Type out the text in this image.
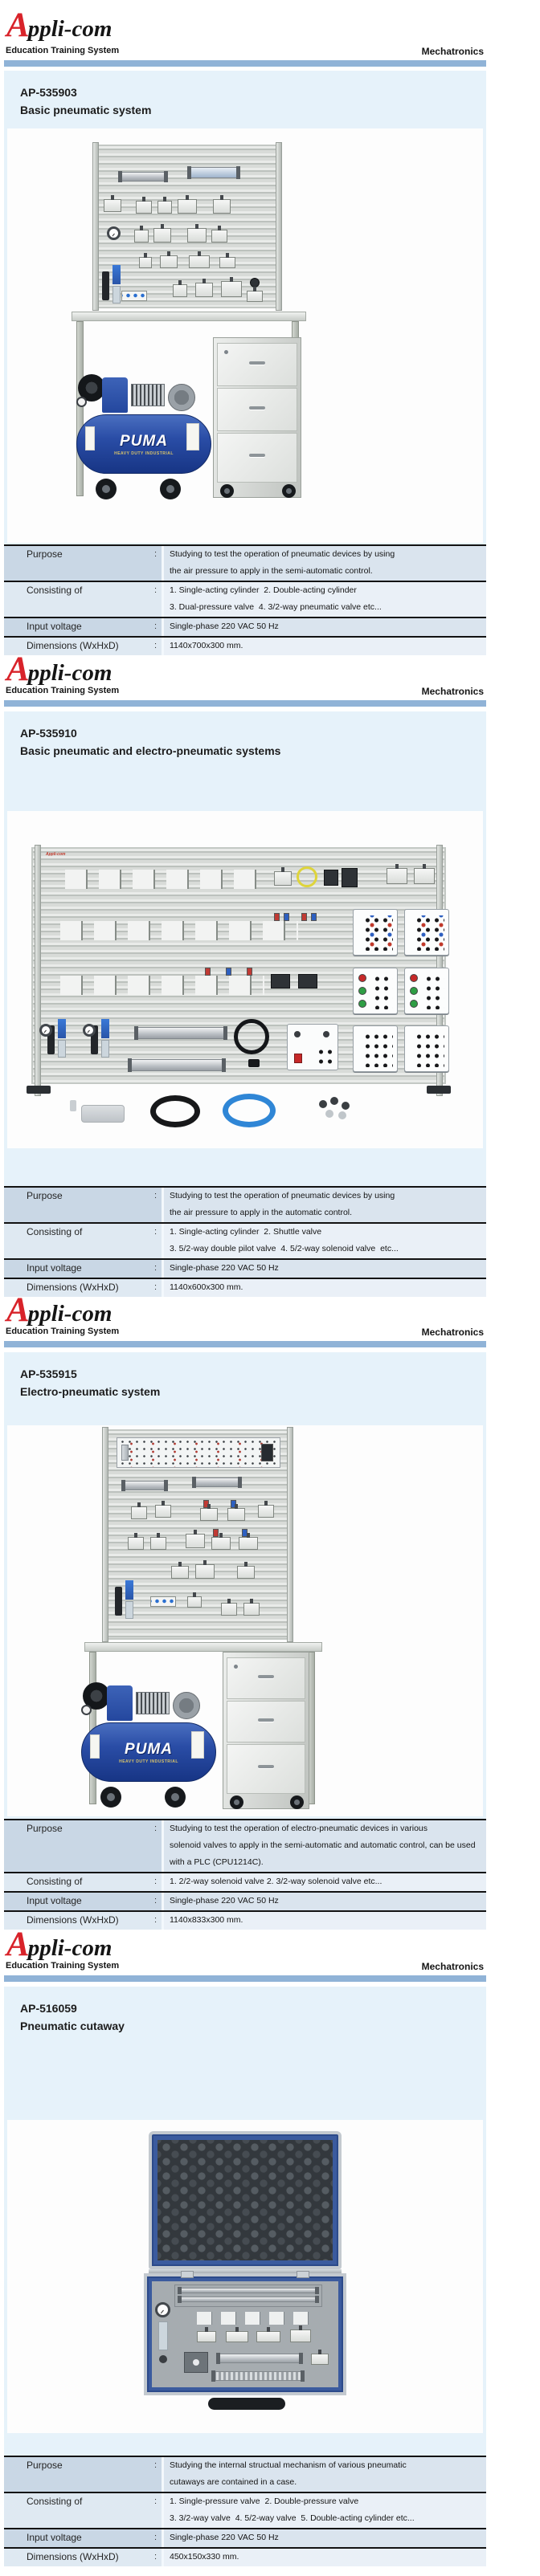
Appli-com
Education Training System	Mechatronics
AP-535903
Basic pneumatic system
PUMA
HEAVY DUTY INDUSTRIAL
Purpose	:	Studying to test the operation of pneumatic devices by using
the air pressure to apply in the semi-automatic control.
Consisting of	:	1. Single-acting cylinder  2. Double-acting cylinder
3. Dual-pressure valve  4. 3/2-way pneumatic valve etc...
Input voltage	:	Single-phase 220 VAC 50 Hz
Dimensions (WxHxD)	:	1140x700x300 mm.
Appli-com
Education Training System	Mechatronics
AP-535910
Basic pneumatic and electro-pneumatic systems
Appli-com
Purpose	:	Studying to test the operation of pneumatic devices by using
the air pressure to apply in the automatic control.
Consisting of	:	1. Single-acting cylinder  2. Shuttle valve
3. 5/2-way double pilot valve  4. 5/2-way solenoid valve  etc...
Input voltage	:	Single-phase 220 VAC 50 Hz
Dimensions (WxHxD)	:	1140x600x300 mm.
Appli-com
Education Training System	Mechatronics
AP-535915
Electro-pneumatic system
PUMA
HEAVY DUTY INDUSTRIAL
Purpose	:	Studying to test the operation of electro-pneumatic devices in various
solenoid valves to apply in the semi-automatic and automatic control, can be used
with a PLC (CPU1214C).
Consisting of	:	1. 2/2-way solenoid valve 2. 3/2-way solenoid valve etc...
Input voltage	:	Single-phase 220 VAC 50 Hz
Dimensions (WxHxD)	:	1140x833x300 mm.
Appli-com
Education Training System	Mechatronics
AP-516059
Pneumatic cutaway
Purpose	:	Studying the internal structual mechanism of various pneumatic
cutaways are contained in a case.
Consisting of	:	1. Single-pressure valve  2. Double-pressure valve
3. 3/2-way valve  4. 5/2-way valve  5. Double-acting cylinder etc...
Input voltage	:	Single-phase 220 VAC 50 Hz
Dimensions (WxHxD)	:	450x150x330 mm.
